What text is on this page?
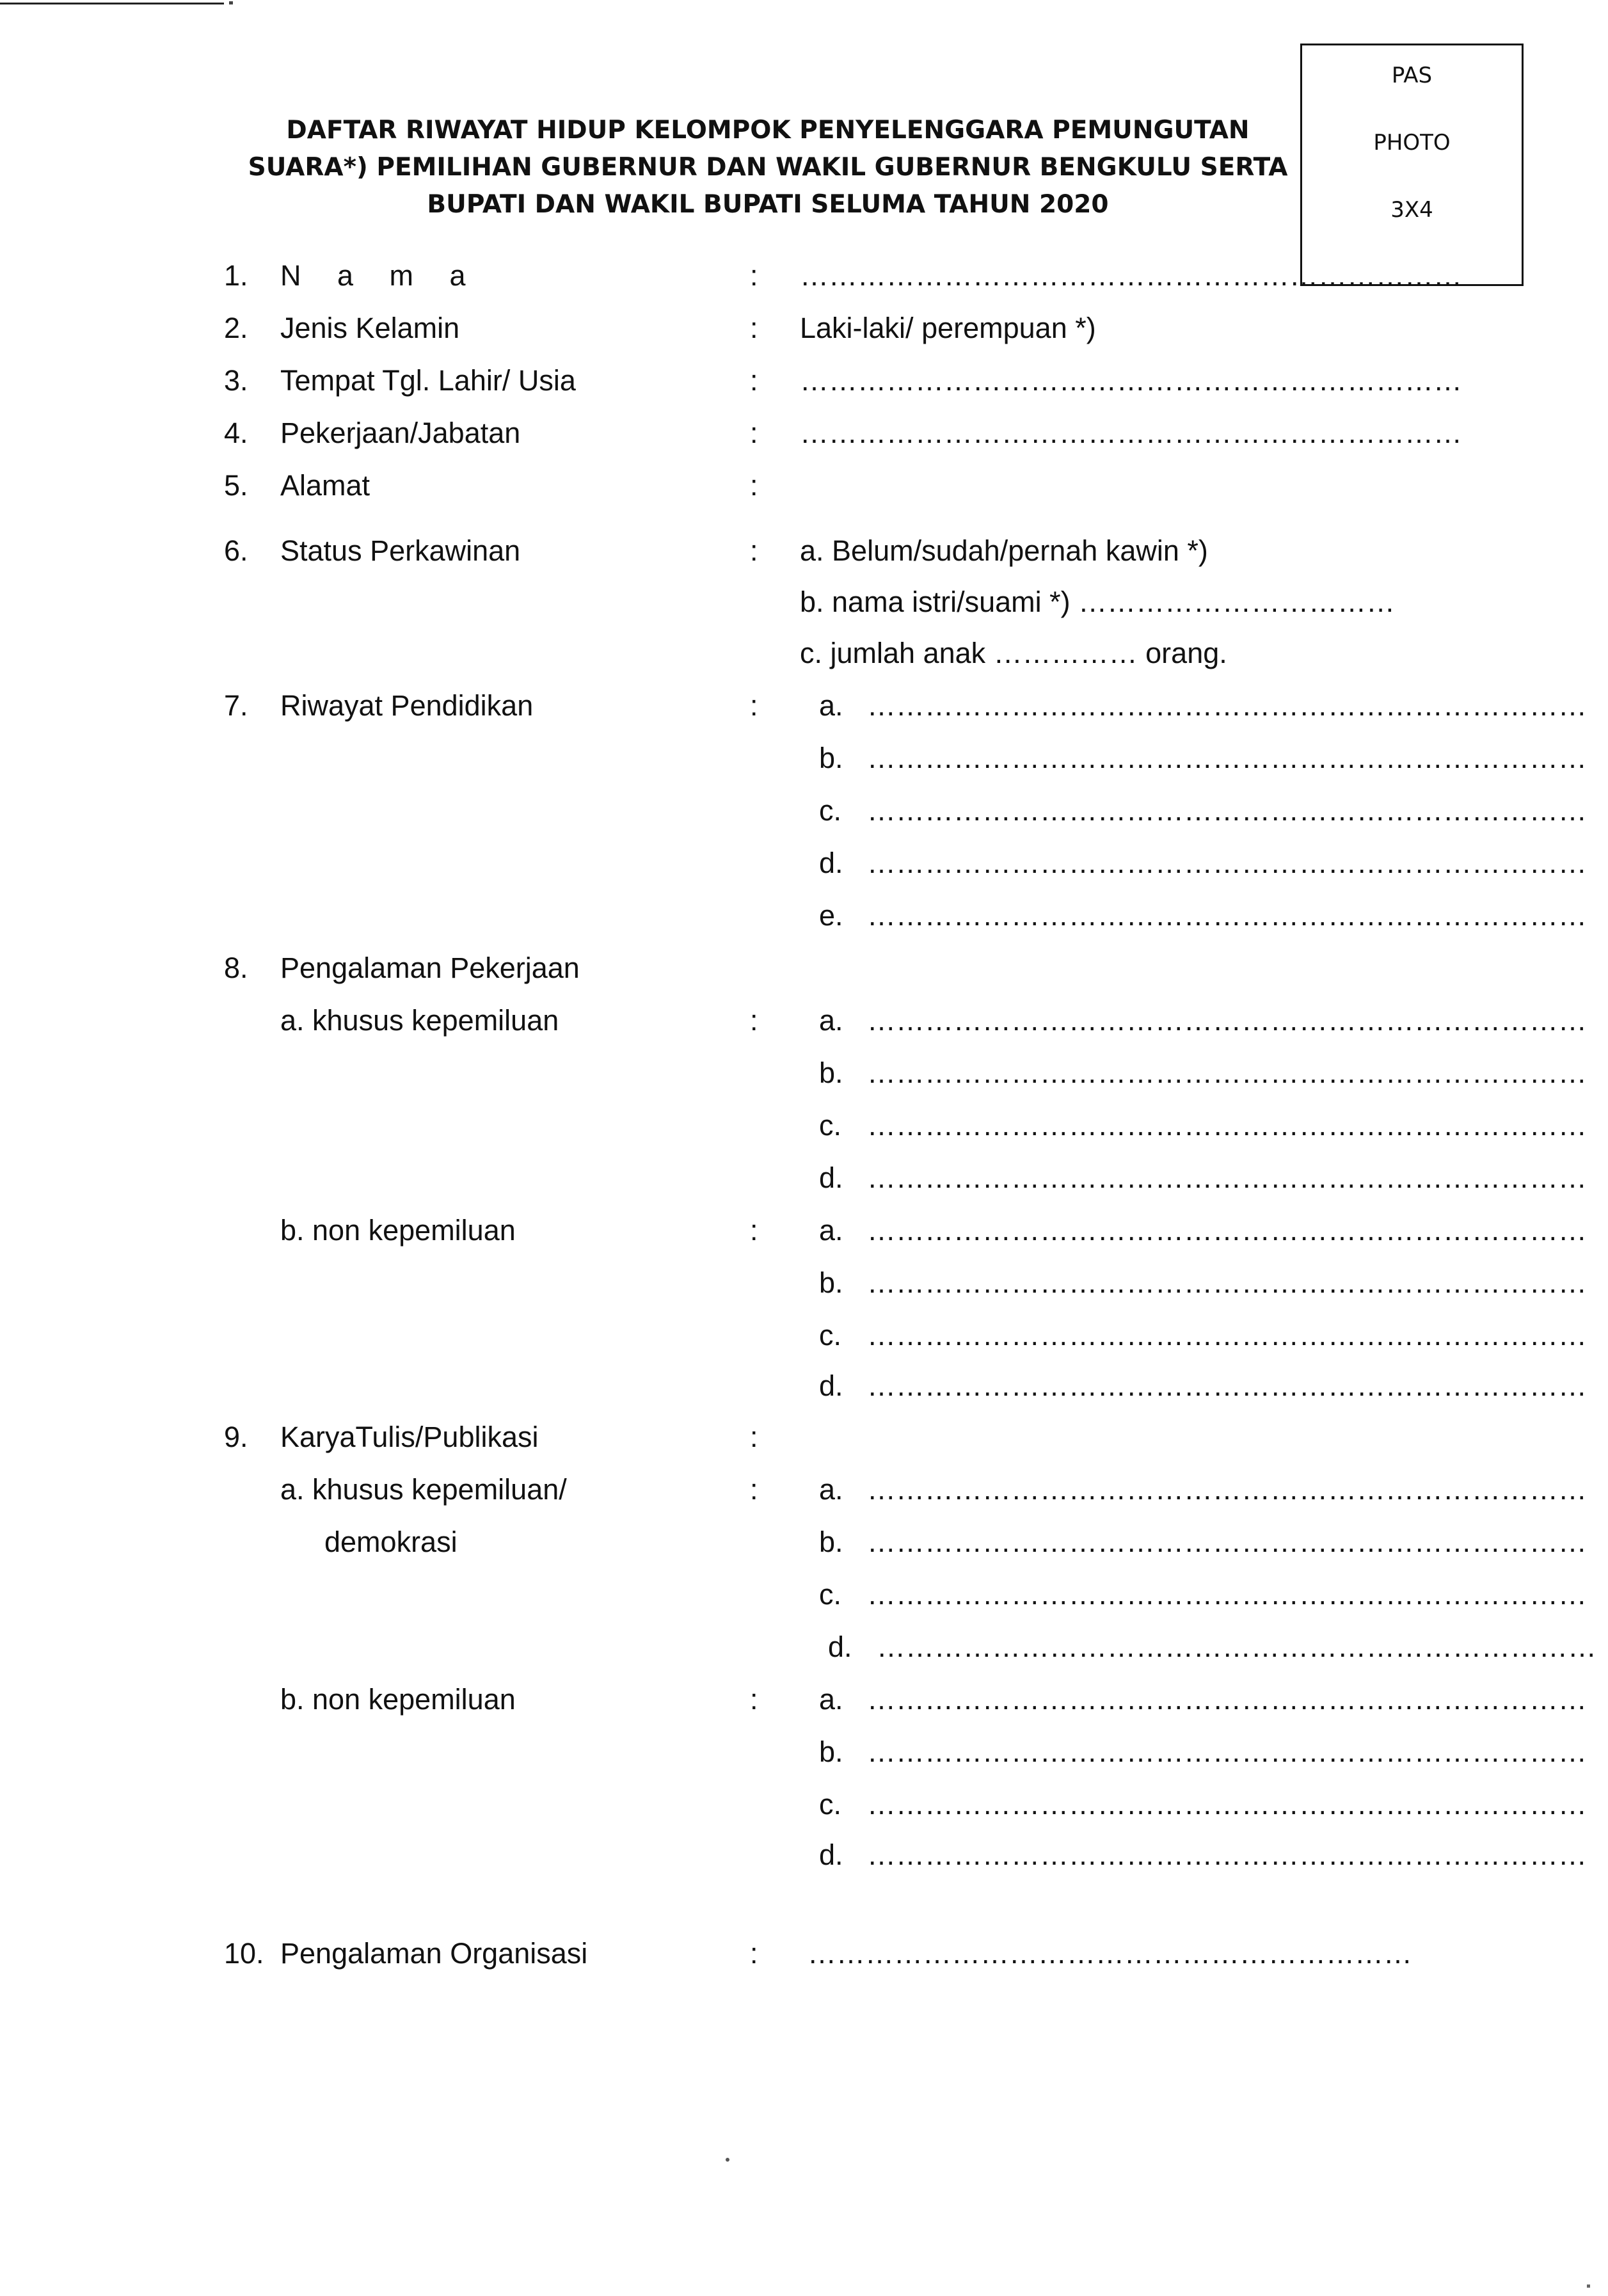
PAS
PHOTO
3X4
DAFTAR RIWAYAT HIDUP KELOMPOK PENYELENGGARA PEMUNGUTAN
SUARA*) PEMILIHAN GUBERNUR DAN WAKIL GUBERNUR BENGKULU SERTA
BUPATI DAN WAKIL BUPATI SELUMA TAHUN 2020
1. N a m a	: ……………………………………………………………
2. Jenis Kelamin	: Laki-laki/ perempuan *)
3. Tempat Tgl. Lahir/ Usia	: ……………………………………………………………
4. Pekerjaan/Jabatan	: ……………………………………………………………
5. Alamat	:
6. Status Perkawinan	: a. Belum/sudah/pernah kawin *)
b. nama istri/suami *) ……………………………
c. jumlah anak …………… orang.
7. Riwayat Pendidikan	: a. …………………………………………………………………
b. …………………………………………………………………
c. …………………………………………………………………
d. …………………………………………………………………
e. …………………………………………………………………
8. Pengalaman Pekerjaan
a. khusus kepemiluan	: a. …………………………………………………………………
b. …………………………………………………………………
c. …………………………………………………………………
d. …………………………………………………………………
b. non kepemiluan	: a. …………………………………………………………………
b. …………………………………………………………………
c. …………………………………………………………………
d. …………………………………………………………………
9. KaryaTulis/Publikasi	:
a. khusus kepemiluan/	: a. …………………………………………………………………
demokrasi	b. …………………………………………………………………
c. …………………………………………………………………
d. …………………………………………………………………
b. non kepemiluan	: a. …………………………………………………………………
b. …………………………………………………………………
c. …………………………………………………………………
d. …………………………………………………………………
10. Pengalaman Organisasi	: ………………………………………………………
